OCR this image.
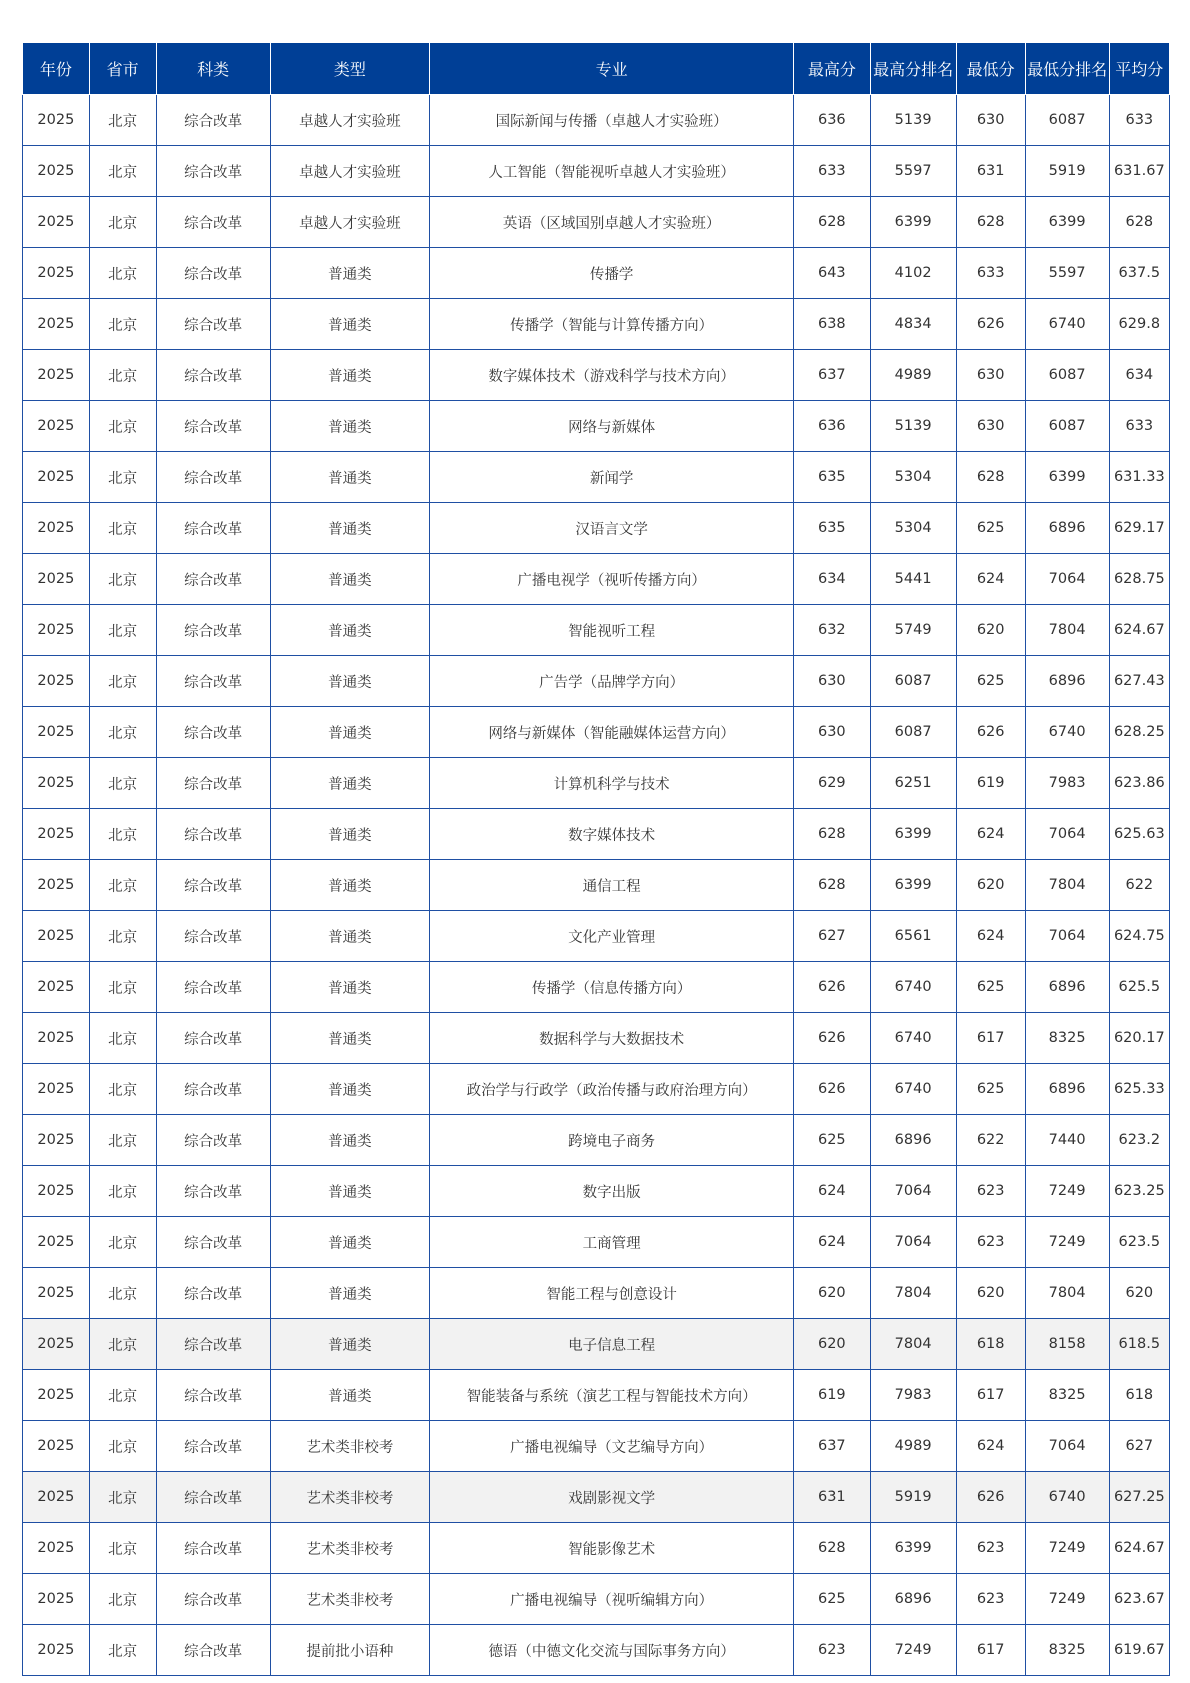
年份	省市	科类	类型	专业	最高分	最高分排名	最低分	最低分排名	平均分
2025	北京	综合改革	卓越人才实验班	国际新闻与传播（卓越人才实验班）	636	5139	630	6087	633
2025	北京	综合改革	卓越人才实验班	人工智能（智能视听卓越人才实验班）	633	5597	631	5919	631.67
2025	北京	综合改革	卓越人才实验班	英语（区域国别卓越人才实验班）	628	6399	628	6399	628
2025	北京	综合改革	普通类	传播学	643	4102	633	5597	637.5
2025	北京	综合改革	普通类	传播学（智能与计算传播方向）	638	4834	626	6740	629.8
2025	北京	综合改革	普通类	数字媒体技术（游戏科学与技术方向）	637	4989	630	6087	634
2025	北京	综合改革	普通类	网络与新媒体	636	5139	630	6087	633
2025	北京	综合改革	普通类	新闻学	635	5304	628	6399	631.33
2025	北京	综合改革	普通类	汉语言文学	635	5304	625	6896	629.17
2025	北京	综合改革	普通类	广播电视学（视听传播方向）	634	5441	624	7064	628.75
2025	北京	综合改革	普通类	智能视听工程	632	5749	620	7804	624.67
2025	北京	综合改革	普通类	广告学（品牌学方向）	630	6087	625	6896	627.43
2025	北京	综合改革	普通类	网络与新媒体（智能融媒体运营方向）	630	6087	626	6740	628.25
2025	北京	综合改革	普通类	计算机科学与技术	629	6251	619	7983	623.86
2025	北京	综合改革	普通类	数字媒体技术	628	6399	624	7064	625.63
2025	北京	综合改革	普通类	通信工程	628	6399	620	7804	622
2025	北京	综合改革	普通类	文化产业管理	627	6561	624	7064	624.75
2025	北京	综合改革	普通类	传播学（信息传播方向）	626	6740	625	6896	625.5
2025	北京	综合改革	普通类	数据科学与大数据技术	626	6740	617	8325	620.17
2025	北京	综合改革	普通类	政治学与行政学（政治传播与政府治理方向）	626	6740	625	6896	625.33
2025	北京	综合改革	普通类	跨境电子商务	625	6896	622	7440	623.2
2025	北京	综合改革	普通类	数字出版	624	7064	623	7249	623.25
2025	北京	综合改革	普通类	工商管理	624	7064	623	7249	623.5
2025	北京	综合改革	普通类	智能工程与创意设计	620	7804	620	7804	620
2025	北京	综合改革	普通类	电子信息工程	620	7804	618	8158	618.5
2025	北京	综合改革	普通类	智能装备与系统（演艺工程与智能技术方向）	619	7983	617	8325	618
2025	北京	综合改革	艺术类非校考	广播电视编导（文艺编导方向）	637	4989	624	7064	627
2025	北京	综合改革	艺术类非校考	戏剧影视文学	631	5919	626	6740	627.25
2025	北京	综合改革	艺术类非校考	智能影像艺术	628	6399	623	7249	624.67
2025	北京	综合改革	艺术类非校考	广播电视编导（视听编辑方向）	625	6896	623	7249	623.67
2025	北京	综合改革	提前批小语种	德语（中德文化交流与国际事务方向）	623	7249	617	8325	619.67
